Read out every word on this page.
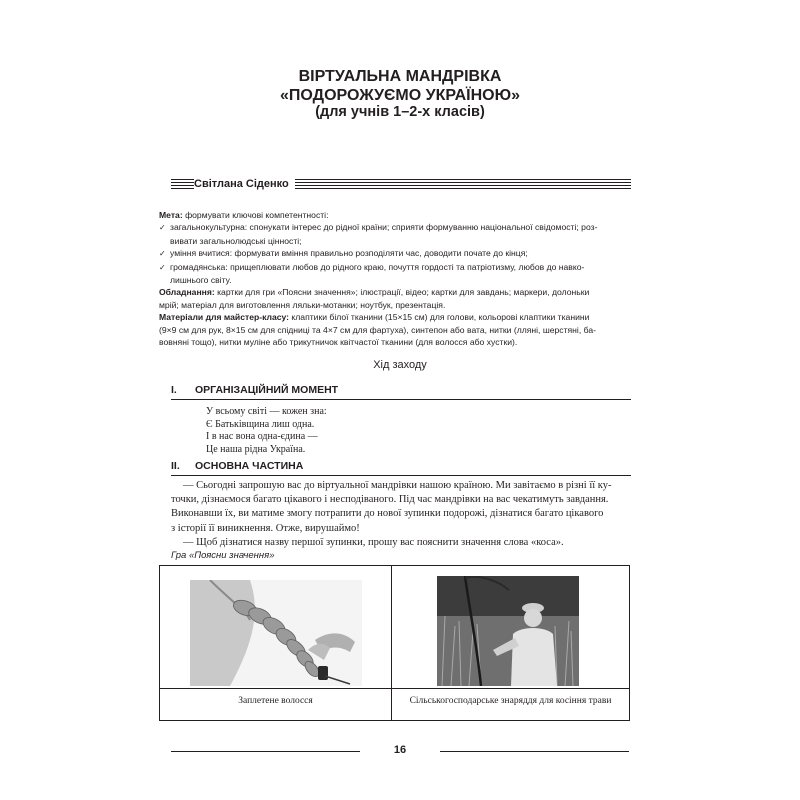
ВІРТУАЛЬНА МАНДРІВКА
«ПОДОРОЖУЄМО УКРАЇНОЮ»
(для учнів 1–2-х класів)
Світлана Сіденко

Мета: формувати ключові компетентності:

✓ загальнокультурна: спонукати інтерес до рідної країни; сприяти формуванню національної свідомості; роз-

вивати загальнолюдські цінності;

✓ уміння вчитися: формувати вміння правильно розподіляти час, доводити почате до кінця;

✓ громадянська: прищеплювати любов до рідного краю, почуття гордості та патріотизму, любов до навко-

лишнього світу.

Обладнання: картки для гри «Поясни значення»; ілюстрації, відео; картки для завдань; маркери, долоньки

мрій; матеріал для виготовлення ляльки-мотанки; ноутбук, презентація.

Матеріали для майстер-класу: клаптики білої тканини (15×15 см) для голови, кольорові клаптики тканини

(9×9 см для рук, 8×15 см для спідниці та 4×7 см для фартуха), синтепон або вата, нитки (лляні, шерстяні, ба-

вовняні тощо), нитки муліне або трикутничок квітчастої тканини (для волосся або хустки).

Хід заходу
I. ОРГАНІЗАЦІЙНИЙ МОМЕНТ
У всьому світі — кожен зна:
Є Батьківщина лиш одна.
І в нас вона одна-єдина —
Це наша рідна Україна.
II. ОСНОВНА ЧАСТИНА

— Сьогодні запрошую вас до віртуальної мандрівки нашою країною. Ми завітаємо в різні її ку-

точки, дізнаємося багато цікавого і несподіваного. Під час мандрівки на вас чекатимуть завдання.

Виконавши їх, ви матиме змогу потрапити до нової зупинки подорожі, дізнатися багато цікавого

з історії її виникнення. Отже, вирушаймо!

— Щоб дізнатися назву першої зупинки, прошу вас пояснити значення слова «коса».

Гра «Поясни значення»
Заплетене волосся	Сільськогосподарське знаряддя для косіння трави
16
